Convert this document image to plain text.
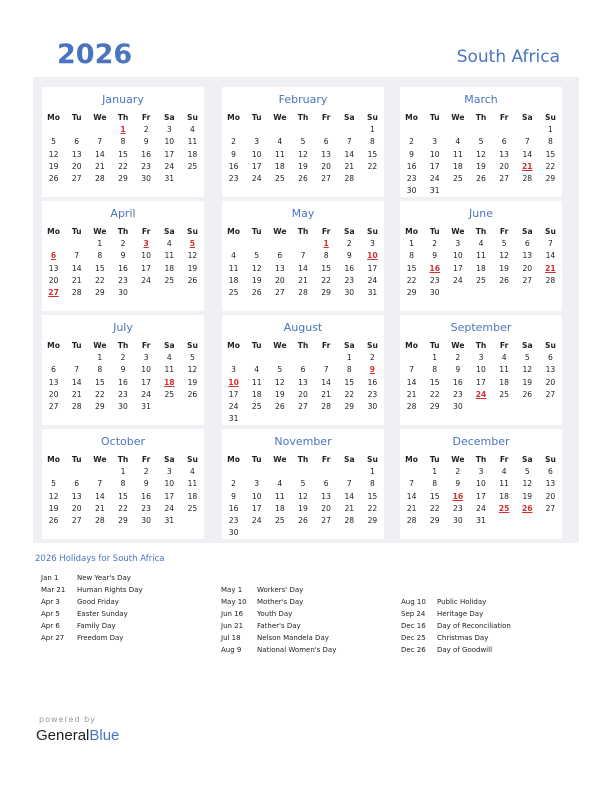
2026	South Africa
January
Mo	Tu	We	Th	Fr	Sa	Su
			1	2	3	4
5	6	7	8	9	10	11
12	13	14	15	16	17	18
19	20	21	22	23	24	25
26	27	28	29	30	31	
February
Mo	Tu	We	Th	Fr	Sa	Su
						1
2	3	4	5	6	7	8
9	10	11	12	13	14	15
16	17	18	19	20	21	22
23	24	25	26	27	28	
March
Mo	Tu	We	Th	Fr	Sa	Su
						1
2	3	4	5	6	7	8
9	10	11	12	13	14	15
16	17	18	19	20	21	22
23	24	25	26	27	28	29
30	31					
April
Mo	Tu	We	Th	Fr	Sa	Su
		1	2	3	4	5
6	7	8	9	10	11	12
13	14	15	16	17	18	19
20	21	22	23	24	25	26
27	28	29	30			
May
Mo	Tu	We	Th	Fr	Sa	Su
				1	2	3
4	5	6	7	8	9	10
11	12	13	14	15	16	17
18	19	20	21	22	23	24
25	26	27	28	29	30	31
June
Mo	Tu	We	Th	Fr	Sa	Su
1	2	3	4	5	6	7
8	9	10	11	12	13	14
15	16	17	18	19	20	21
22	23	24	25	26	27	28
29	30					
July
Mo	Tu	We	Th	Fr	Sa	Su
		1	2	3	4	5
6	7	8	9	10	11	12
13	14	15	16	17	18	19
20	21	22	23	24	25	26
27	28	29	30	31		
August
Mo	Tu	We	Th	Fr	Sa	Su
					1	2
3	4	5	6	7	8	9
10	11	12	13	14	15	16
17	18	19	20	21	22	23
24	25	26	27	28	29	30
31						
September
Mo	Tu	We	Th	Fr	Sa	Su
	1	2	3	4	5	6
7	8	9	10	11	12	13
14	15	16	17	18	19	20
21	22	23	24	25	26	27
28	29	30				
October
Mo	Tu	We	Th	Fr	Sa	Su
			1	2	3	4
5	6	7	8	9	10	11
12	13	14	15	16	17	18
19	20	21	22	23	24	25
26	27	28	29	30	31	
November
Mo	Tu	We	Th	Fr	Sa	Su
						1
2	3	4	5	6	7	8
9	10	11	12	13	14	15
16	17	18	19	20	21	22
23	24	25	26	27	28	29
30						
December
Mo	Tu	We	Th	Fr	Sa	Su
	1	2	3	4	5	6
7	8	9	10	11	12	13
14	15	16	17	18	19	20
21	22	23	24	25	26	27
28	29	30	31			
2026 Holidays for South Africa
Jan 1	New Year's Day
Mar 21 Human Rights Day
Apr 3 Good Friday
Apr 5 Easter Sunday
Apr 6 Family Day
Apr 27 Freedom Day
May 1 Workers' Day
May 10 Mother's Day
Jun 16 Youth Day
Jun 21 Father's Day
Jul 18 Nelson Mandela Day
Aug 9 National Women's Day
Aug 10 Public Holiday
Sep 24 Heritage Day
Dec 16 Day of Reconciliation
Dec 25 Christmas Day
Dec 26 Day of Goodwill
powered by
GeneralBlue
